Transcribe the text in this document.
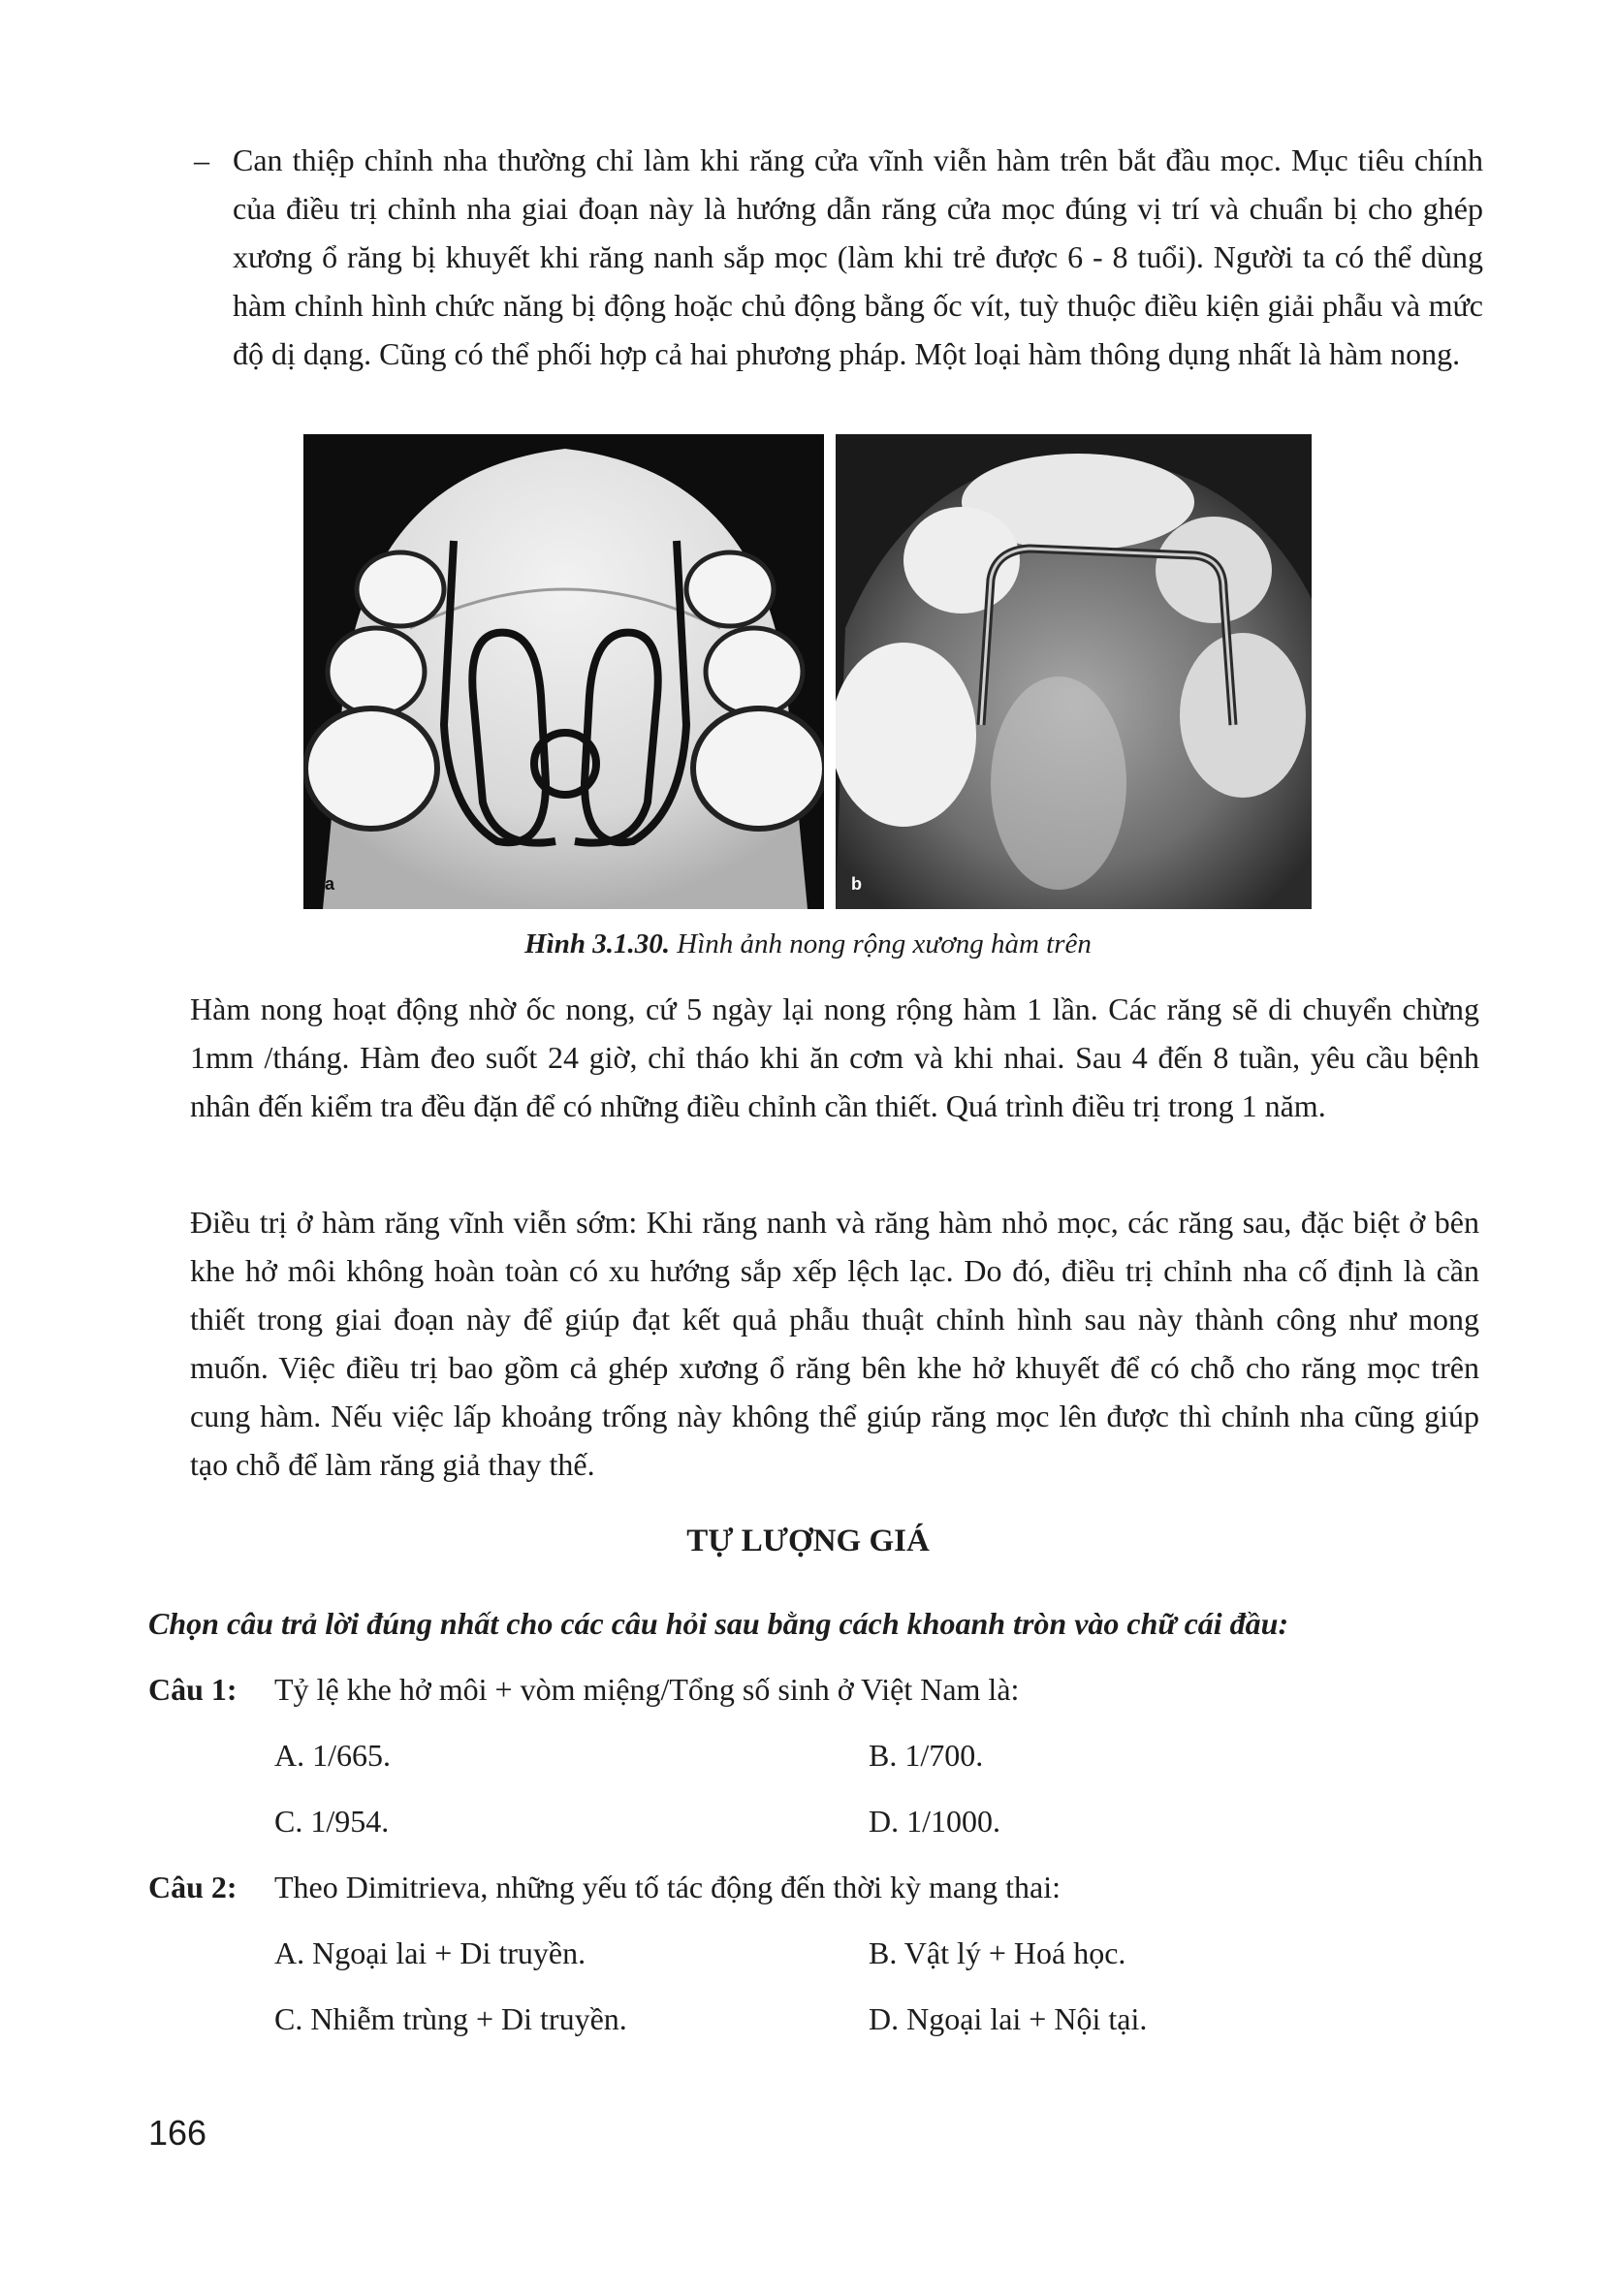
– Can thiệp chỉnh nha thường chỉ làm khi răng cửa vĩnh viễn hàm trên bắt đầu mọc. Mục tiêu chính của điều trị chỉnh nha giai đoạn này là hướng dẫn răng cửa mọc đúng vị trí và chuẩn bị cho ghép xương ổ răng bị khuyết khi răng nanh sắp mọc (làm khi trẻ được 6 - 8 tuổi). Người ta có thể dùng hàm chỉnh hình chức năng bị động hoặc chủ động bằng ốc vít, tuỳ thuộc điều kiện giải phẫu và mức độ dị dạng. Cũng có thể phối hợp cả hai phương pháp. Một loại hàm thông dụng nhất là hàm nong.
a	b
Hình 3.1.30. Hình ảnh nong rộng xương hàm trên
Hàm nong hoạt động nhờ ốc nong, cứ 5 ngày lại nong rộng hàm 1 lần. Các răng sẽ di chuyển chừng 1mm /tháng. Hàm đeo suốt 24 giờ, chỉ tháo khi ăn cơm và khi nhai. Sau 4 đến 8 tuần, yêu cầu bệnh nhân đến kiểm tra đều đặn để có những điều chỉnh cần thiết. Quá trình điều trị trong 1 năm.
Điều trị ở hàm răng vĩnh viễn sớm: Khi răng nanh và răng hàm nhỏ mọc, các răng sau, đặc biệt ở bên khe hở môi không hoàn toàn có xu hướng sắp xếp lệch lạc. Do đó, điều trị chỉnh nha cố định là cần thiết trong giai đoạn này để giúp đạt kết quả phẫu thuật chỉnh hình sau này thành công như mong muốn. Việc điều trị bao gồm cả ghép xương ổ răng bên khe hở khuyết để có chỗ cho răng mọc trên cung hàm. Nếu việc lấp khoảng trống này không thể giúp răng mọc lên được thì chỉnh nha cũng giúp tạo chỗ để làm răng giả thay thế.
TỰ LƯỢNG GIÁ
Chọn câu trả lời đúng nhất cho các câu hỏi sau bằng cách khoanh tròn vào chữ cái đầu:
Câu 1: Tỷ lệ khe hở môi + vòm miệng/Tổng số sinh ở Việt Nam là:
A. 1/665.	B. 1/700.
C. 1/954.	D. 1/1000.
Câu 2: Theo Dimitrieva, những yếu tố tác động đến thời kỳ mang thai:
A. Ngoại lai + Di truyền.	B. Vật lý + Hoá học.
C. Nhiễm trùng + Di truyền.	D. Ngoại lai + Nội tại.
166
